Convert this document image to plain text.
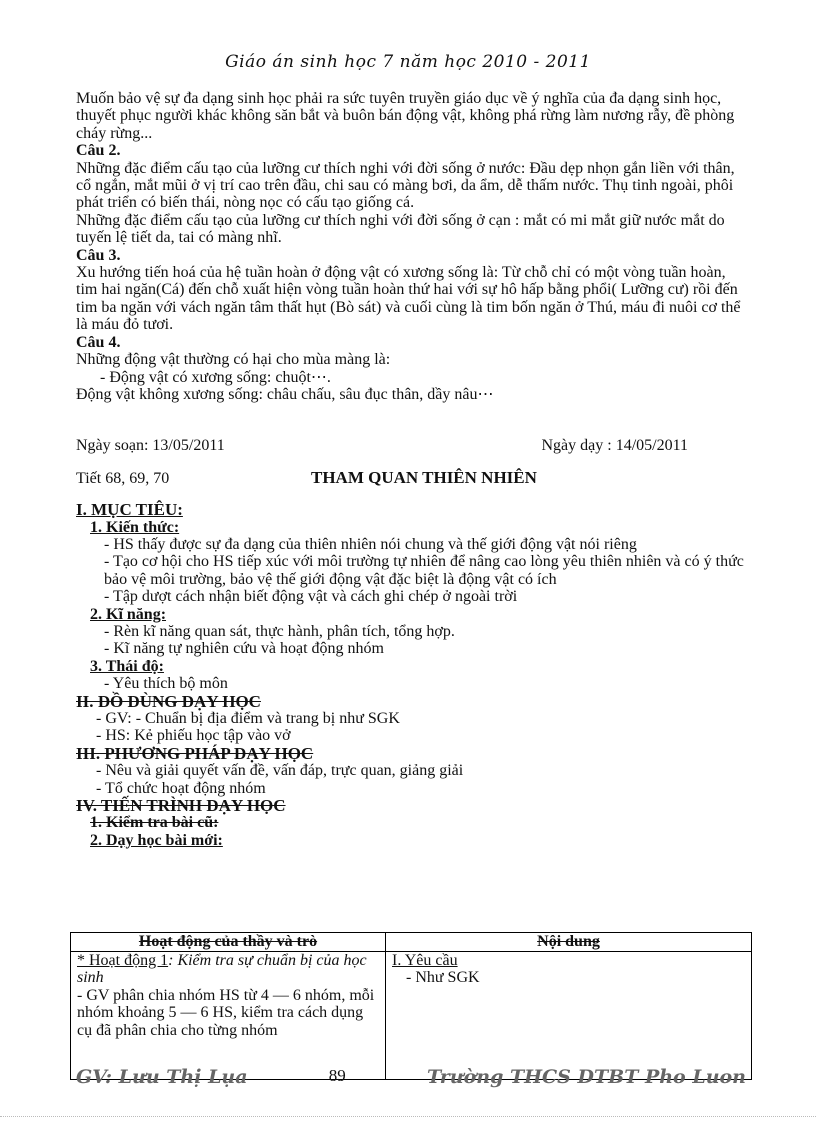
Giáo án sinh học 7 năm học 2010 - 2011

Muốn bảo vệ sự đa dạng sinh học phải ra sức tuyên truyền giáo dục về ý nghĩa của đa dạng sinh học, thuyết phục người khác không săn bắt và buôn bán động vật, không phá rừng làm nương rẫy, đề phòng cháy rừng...

Câu 2.

Những đặc điểm cấu tạo của lưỡng cư thích nghi với đời sống ở nước: Đầu dẹp nhọn gắn liền với thân, cổ ngắn, mắt mũi ở vị trí cao trên đầu, chi sau có màng bơi, da ẩm, dễ thấm nước. Thụ tinh ngoài, phôi phát triển có biến thái, nòng nọc có cấu tạo giống cá.

Những đặc điểm cấu tạo của lưỡng cư thích nghi với đời sống ở cạn : mắt có mi mắt giữ nước mắt do tuyến lệ tiết da, tai có màng nhĩ.

Câu 3.

Xu hướng tiến hoá của hệ tuần hoàn ở động vật có xương sống là: Từ chỗ chỉ có một vòng tuần hoàn, tim hai ngăn(Cá) đến chỗ xuất hiện vòng tuần hoàn thứ hai với sự hô hấp bằng phổi( Lưỡng cư) rồi đến tim ba ngăn với vách ngăn tâm thất hụt (Bò sát) và cuối cùng là tim bốn ngăn ở Thú, máu đi nuôi cơ thể là máu đỏ tươi.

Câu 4.

Những động vật thường có hại cho mùa màng là:

- Động vật có xương sống: chuột⋯.

Động vật không xương sống: châu chấu, sâu đục thân, dầy nâu⋯

Ngày soạn: 13/05/2011	Ngày dạy : 14/05/2011
Tiết 68, 69, 70	THAM QUAN THIÊN NHIÊN

I. MỤC TIÊU:

1. Kiến thức:

- HS thấy được sự đa dạng của thiên nhiên nói chung và thế giới động vật nói riêng

- Tạo cơ hội cho HS tiếp xúc với môi trường tự nhiên để nâng cao lòng yêu thiên nhiên và có ý thức bảo vệ môi trường, bảo vệ thế giới động vật đặc biệt là động vật có ích

- Tập dượt cách nhận biết động vật và cách ghi chép ở ngoài trời

2. Kĩ năng:

- Rèn kĩ năng quan sát, thực hành, phân tích, tổng hợp.

- Kĩ năng tự nghiên cứu và hoạt động nhóm

3. Thái độ:

- Yêu thích bộ môn

II. ĐỒ DÙNG DẠY HỌC

- GV: - Chuẩn bị địa điểm và trang bị như SGK

- HS: Kẻ phiếu học tập vào vở

III. PHƯƠNG PHÁP DẠY HỌC

- Nêu và giải quyết vấn đề, vấn đáp, trực quan, giảng giải

- Tổ chức hoạt động nhóm

IV. TIẾN TRÌNH DẠY HỌC

1. Kiểm tra bài cũ:

2. Dạy học bài mới:

Hoạt động của thầy và trò	Nội dung
* Hoạt động 1: Kiểm tra sự chuẩn bị của học sinh
- GV phân chia nhóm HS từ 4 — 6 nhóm, mỗi nhóm khoảng 5 — 6 HS, kiểm tra cách dụng cụ đã phân chia cho từng nhóm	I. Yêu cầu
- Như SGK
GV: Lưu Thị Lụa	89	Trường THCS DTBT Pho Luon
